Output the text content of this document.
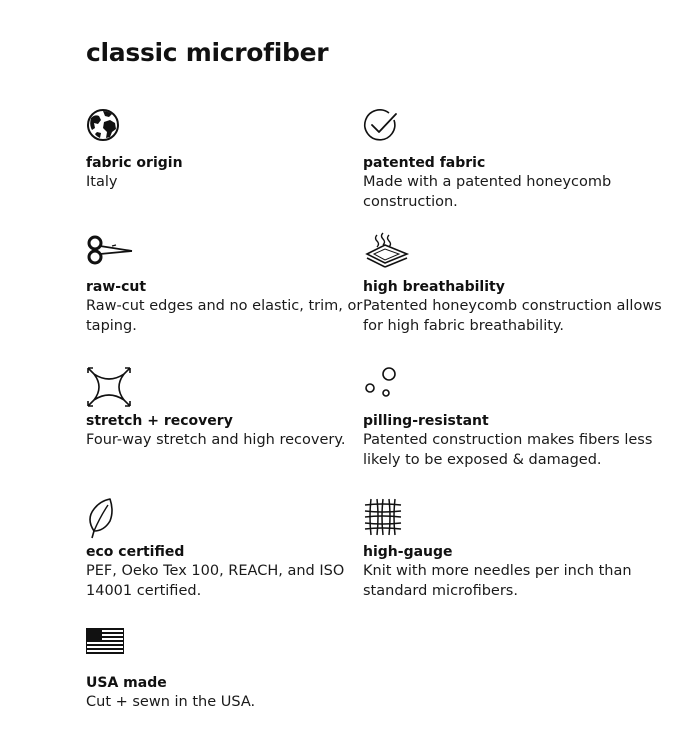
classic microfiber
fabric origin
Italy
patented fabric
Made with a patented honeycomb construction.
raw-cut
Raw-cut edges and no elastic, trim, or taping.
high breathability
Patented honeycomb construction allows for high fabric breathability.
stretch + recovery
Four-way stretch and high recovery.
pilling-resistant
Patented construction makes fibers less likely to be exposed & damaged.
eco certified
PEF, Oeko Tex 100, REACH, and ISO 14001 certified.
high-gauge
Knit with more needles per inch than standard microfibers.
USA made
Cut + sewn in the USA.
